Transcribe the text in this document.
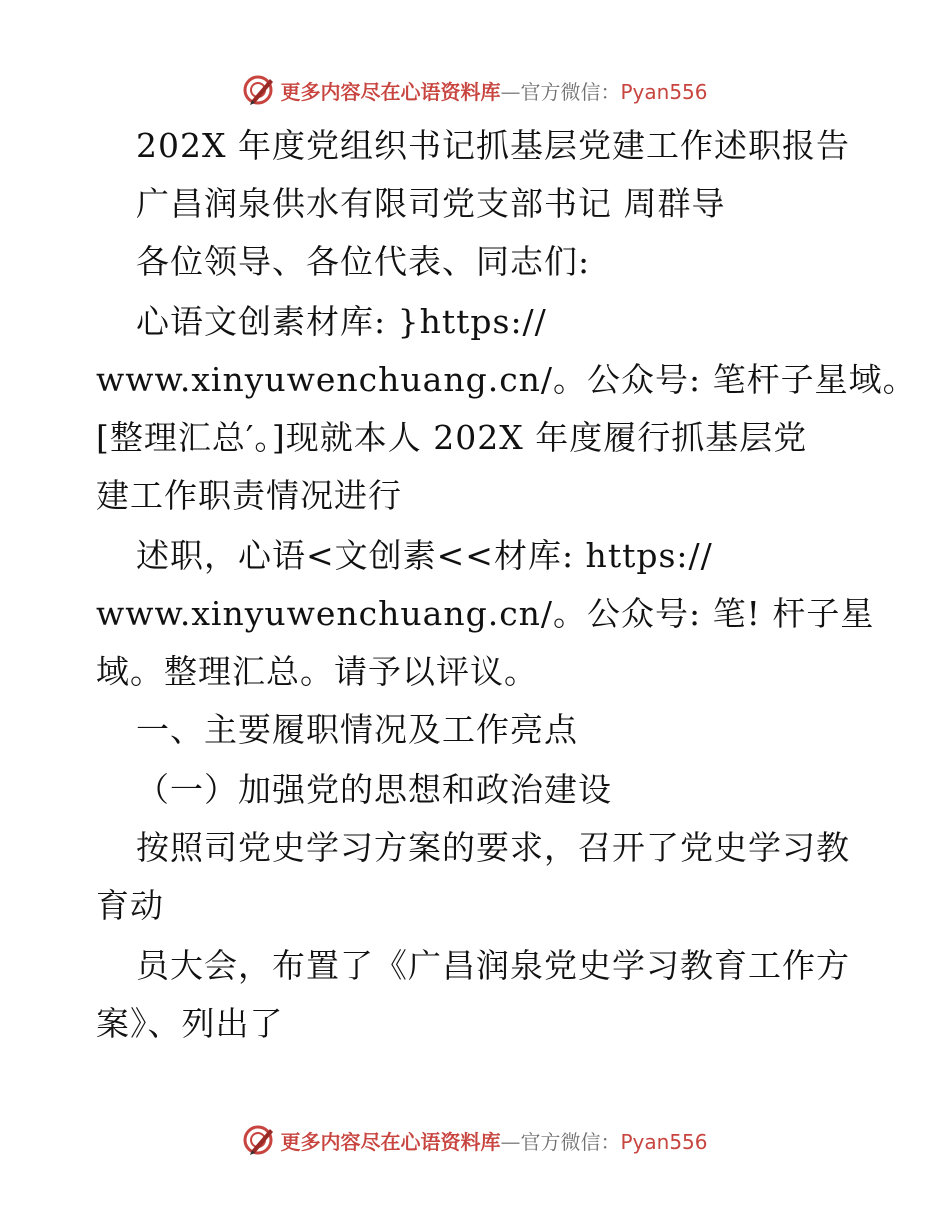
更多内容尽在心语资料库—官方微信：Pyan556
202X 年度党组织书记抓基层党建工作述职报告
广昌润泉供水有限司党支部书记 周群导
各位领导、各位代表、同志们:
心语文创素材库: }https://
www.xinyuwenchuang.cn/。公众号: 笔杆子星域。
[整理汇总′。]现就本人 202X 年度履行抓基层党
建工作职责情况进行
述职，心语<文创素<<材库: https://
www.xinyuwenchuang.cn/。公众号: 笔! 杆子星
域。整理汇总。请予以评议。
一、主要履职情况及工作亮点
（一）加强党的思想和政治建设
按照司党史学习方案的要求，召开了党史学习教
育动
员大会，布置了《广昌润泉党史学习教育工作方
案》、列出了
更多内容尽在心语资料库—官方微信：Pyan556
